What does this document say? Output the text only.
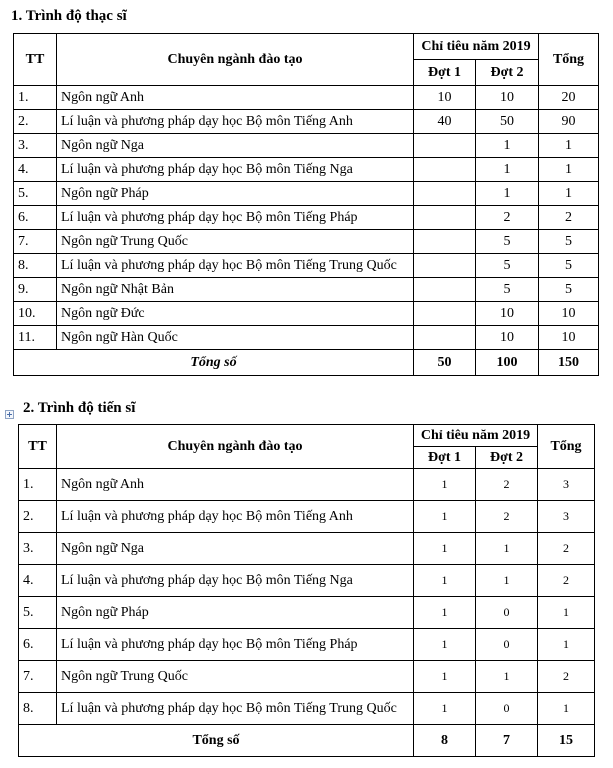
1. Trình độ thạc sĩ
TT	Chuyên ngành đào tạo	Chỉ tiêu năm 2019		Tổng
		Đợt 1	Đợt 2	
1.	Ngôn ngữ Anh	10	10	20
2.	Lí luận và phương pháp dạy học Bộ môn Tiếng Anh	40	50	90
3.	Ngôn ngữ Nga		1	1
4.	Lí luận và phương pháp dạy học Bộ môn Tiếng Nga		1	1
5.	Ngôn ngữ Pháp		1	1
6.	Lí luận và phương pháp dạy học Bộ môn Tiếng Pháp		2	2
7.	Ngôn ngữ Trung Quốc		5	5
8.	Lí luận và phương pháp dạy học Bộ môn Tiếng Trung Quốc		5	5
9.	Ngôn ngữ Nhật Bản		5	5
10.	Ngôn ngữ Đức		10	10
11.	Ngôn ngữ Hàn Quốc		10	10
Tổng số		50	100	150
2. Trình độ tiến sĩ
TT	Chuyên ngành đào tạo	Chỉ tiêu năm 2019		Tổng
		Đợt 1	Đợt 2	
1.	Ngôn ngữ Anh	1	2	3
2.	Lí luận và phương pháp dạy học Bộ môn Tiếng Anh	1	2	3
3.	Ngôn ngữ Nga	1	1	2
4.	Lí luận và phương pháp dạy học Bộ môn Tiếng Nga	1	1	2
5.	Ngôn ngữ Pháp	1	0	1
6.	Lí luận và phương pháp dạy học Bộ môn Tiếng Pháp	1	0	1
7.	Ngôn ngữ Trung Quốc	1	1	2
8.	Lí luận và phương pháp dạy học Bộ môn Tiếng Trung Quốc	1	0	1
Tổng số		8	7	15
